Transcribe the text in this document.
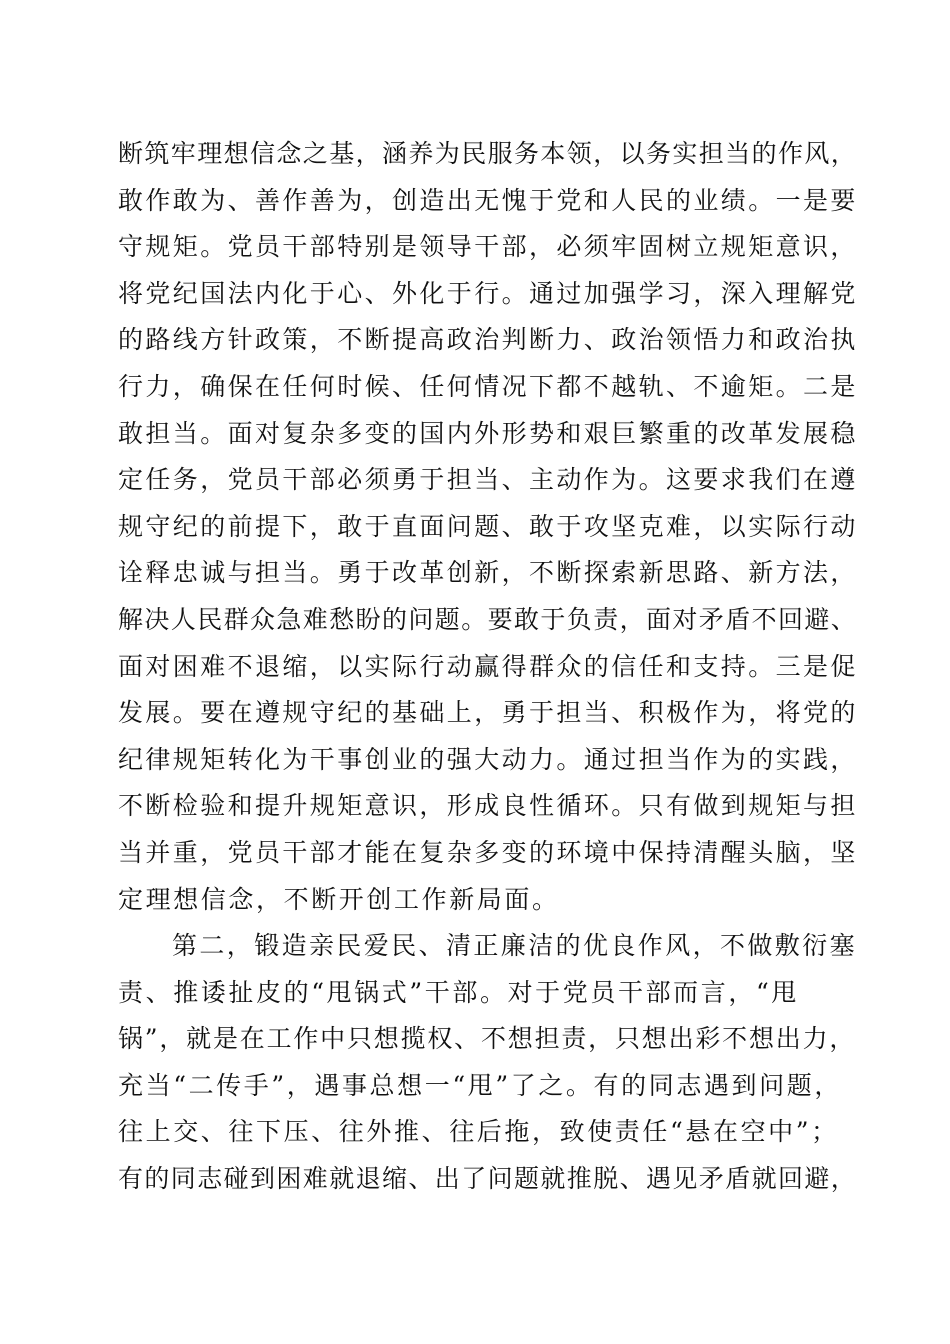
断筑牢理想信念之基，涵养为民服务本领，以务实担当的作风，
敢作敢为、善作善为，创造出无愧于党和人民的业绩。一是要
守规矩。党员干部特别是领导干部，必须牢固树立规矩意识，
将党纪国法内化于心、外化于行。通过加强学习，深入理解党
的路线方针政策，不断提高政治判断力、政治领悟力和政治执
行力，确保在任何时候、任何情况下都不越轨、不逾矩。二是
敢担当。面对复杂多变的国内外形势和艰巨繁重的改革发展稳
定任务，党员干部必须勇于担当、主动作为。这要求我们在遵
规守纪的前提下，敢于直面问题、敢于攻坚克难，以实际行动
诠释忠诚与担当。勇于改革创新，不断探索新思路、新方法，
解决人民群众急难愁盼的问题。要敢于负责，面对矛盾不回避、
面对困难不退缩，以实际行动赢得群众的信任和支持。三是促
发展。要在遵规守纪的基础上，勇于担当、积极作为，将党的
纪律规矩转化为干事创业的强大动力。通过担当作为的实践，
不断检验和提升规矩意识，形成良性循环。只有做到规矩与担
当并重，党员干部才能在复杂多变的环境中保持清醒头脑，坚
定理想信念，不断开创工作新局面。
第二，锻造亲民爱民、清正廉洁的优良作风，不做敷衍塞
责、推诿扯皮的“甩锅式”干部。对于党员干部而言，“甩
锅”，就是在工作中只想揽权、不想担责，只想出彩不想出力，
充当“二传手”，遇事总想一“甩”了之。有的同志遇到问题，
往上交、往下压、往外推、往后拖，致使责任“悬在空中”；
有的同志碰到困难就退缩、出了问题就推脱、遇见矛盾就回避，
